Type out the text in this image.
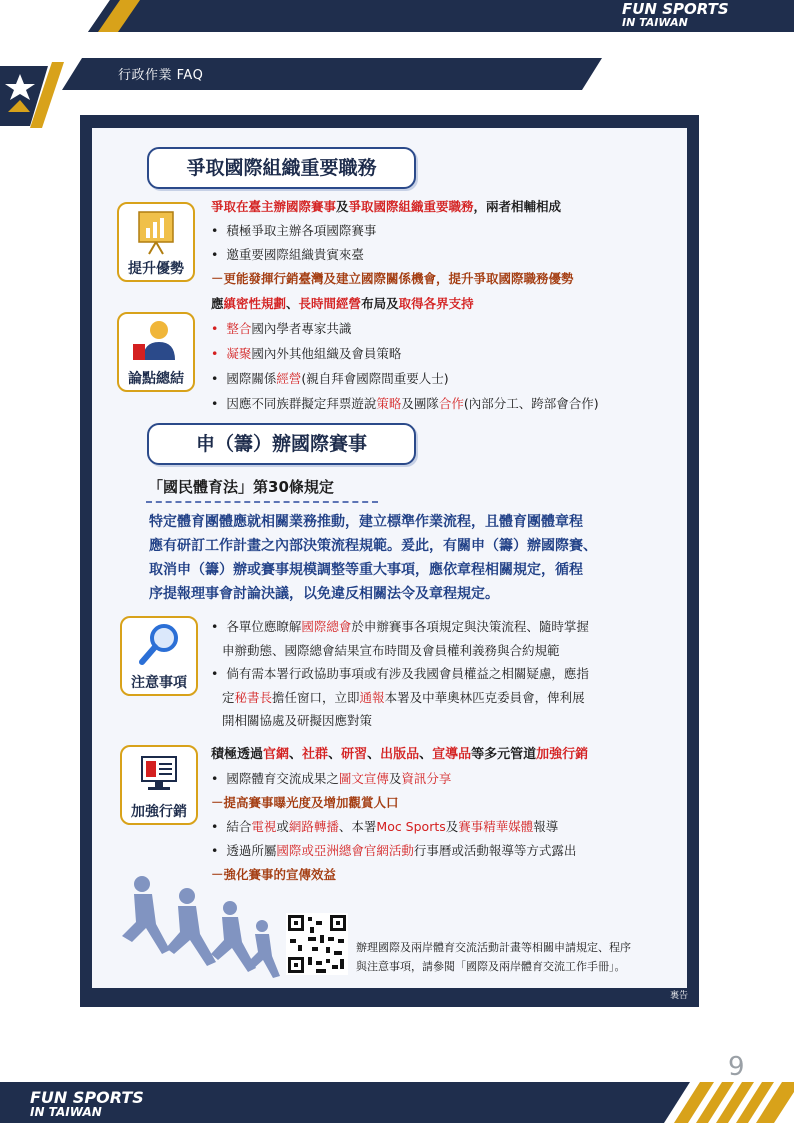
FUN SPORTS
IN TAIWAN
行政作業 FAQ
爭取國際組織重要職務
提升優勢
爭取在臺主辦國際賽事及爭取國際組織重要職務，兩者相輔相成
•  積極爭取主辦各項國際賽事
•  邀重要國際組織貴賓來臺
－更能發揮行銷臺灣及建立國際關係機會，提升爭取國際職務優勢
論點總結
應縝密性規劃、長時間經營布局及取得各界支持
• 整合國內學者專家共識
• 凝聚國內外其他組織及會員策略
•  國際關係經營(親自拜會國際間重要人士)
•  因應不同族群擬定拜票遊說策略及團隊合作(內部分工、跨部會合作)
申（籌）辦國際賽事
「國民體育法」第30條規定
特定體育團體應就相關業務推動，建立標準作業流程，且體育團體章程
應有研訂工作計畫之內部決策流程規範。爰此，有關申（籌）辦國際賽、
取消申（籌）辦或賽事規模調整等重大事項，應依章程相關規定，循程
序提報理事會討論決議，以免違反相關法令及章程規定。
注意事項
•  各單位應瞭解國際總會於申辦賽事各項規定與決策流程、隨時掌握
申辦動態、國際總會結果宣布時間及會員權利義務與合約規範
•  倘有需本署行政協助事項或有涉及我國會員權益之相關疑慮，應指
定秘書長擔任窗口，立即通報本署及中華奧林匹克委員會，俾利展
開相關協處及研擬因應對策
加強行銷
積極透過官網、社群、研習、出版品、宣導品等多元管道加強行銷
•  國際體育交流成果之圖文宣傳及資訊分享
－提高賽事曝光度及增加觀賞人口
•  結合電視或網路轉播、本署Moc Sports及賽事精華媒體報導
•  透過所屬國際或亞洲總會官網活動行事曆或活動報導等方式露出
－強化賽事的宣傳效益
辦理國際及兩岸體育交流活動計畫等相關申請規定、程序
與注意事項，請參閱「國際及兩岸體育交流工作手冊」。
裏告
9
FUN SPORTS
IN TAIWAN
